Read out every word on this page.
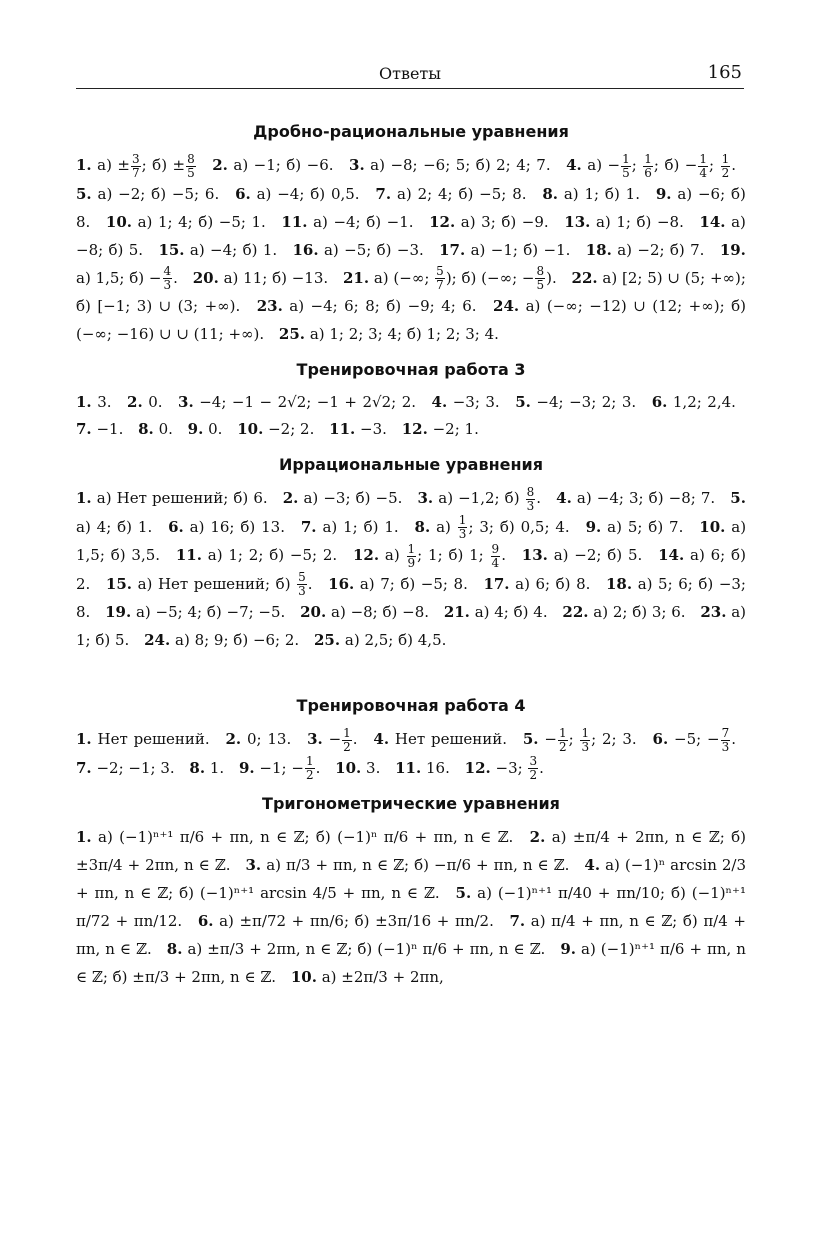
Ответы	165
Дробно-рациональные уравнения

1. $а) \pm \frac{3}{7}$ ; $б) \pm \frac{8}{5} 2$. а) −1; б) −6. 3. а) −8; −6; 5; б) 2; 4; 7. 4. $а) - \frac{1}{5}$ ; $\frac{1}{6}$ ; $б) - \frac{1}{4}$ ; $\frac{1}{2}$ . 5. а) −2; б) −5; 6. 6. а) −4; б) 0,5. 7. а) 2; 4; б) −5; 8. 8. а) 1; б) 1. 9. а) −6; б) 8. 10. а) 1; 4; б) −5; 1. 11. а) −4; б) −1. 12. а) 3; б) −9. 13. а) 1; б) −8. 14. а) −8; б) 5. 15. а) −4; б) 1. 16. а) −5; б) −3. 17. а) −1; б) −1. 18. а) −2; б) 7. 19. а) 1,5; $б) - \frac{4}{3}$ . 20. а) 11; б) −13. 21. а) (−∞; $\frac{5}{7}$ ); б) (−∞; − $\frac{8}{5}$ ). 22. а) [2; 5) ∪ (5; +∞); б) [−1; 3) ∪ (3; +∞). 23. а) −4; 6; 8; б) −9; 4; 6. 24. а) (−∞; −12) ∪ (12; +∞); б) (−∞; −16) ∪ ∪ (11; +∞). 25. а) 1; 2; 3; 4; б) 1; 2; 3; 4.

Тренировочная работа 3

1. 3. 2. 0. 3. −4; −1 − 2√2; −1 + 2√2; 2. 4. −3; 3. 5. −4; −3; 2; 3. 6. 1,2; 2,4. 7. −1. 8. 0. 9. 0. 10. −2; 2. 11. −3. 12. −2; 1.

Иррациональные уравнения

1. а) Нет решений; б) 6. 2. а) −3; б) −5. 3. а) −1,2; $б) \frac{8}{3}$ . 4. а) −4; 3; б) −8; 7. 5. а) 4; б) 1. 6. а) 16; б) 13. 7. а) 1; б) 1. 8. $а) \frac{1}{3}$ ; 3; б) 0,5; 4. 9. а) 5; б) 7. 10. а) 1,5; б) 3,5. 11. а) 1; 2; б) −5; 2. 12. $а) \frac{1}{9}$ ; 1; б) 1; $\frac{9}{4}$ . 13. а) −2; б) 5. 14. а) 6; б) 2. 15. а) Нет решений; $б) \frac{5}{3}$ . 16. а) 7; б) −5; 8. 17. а) 6; б) 8. 18. а) 5; 6; б) −3; 8. 19. а) −5; 4; б) −7; −5. 20. а) −8; б) −8. 21. а) 4; б) 4. 22. а) 2; б) 3; 6. 23. а) 1; б) 5. 24. а) 8; 9; б) −6; 2. 25. а) 2,5; б) 4,5.

Тренировочная работа 4

1. Нет решений. 2. 0; 13. 3. − $\frac{1}{2}$ . 4. Нет решений. 5. − $\frac{1}{2}$ ; $\frac{1}{3}$ ; 2; 3. 6. −5; − $\frac{7}{3}$ . 7. −2; −1; 3. 8. 1. 9. −1; − $\frac{1}{2}$ . 10. 3. 11. 16. 12. −3; $\frac{3}{2}$ .

Тригонометрические уравнения

1. а) (−1)ⁿ⁺¹ π/6 + πn, n ∈ ℤ; б) (−1)ⁿ π/6 + πn, n ∈ ℤ. 2. а) ±π/4 + 2πn, n ∈ ℤ; б) ±3π/4 + 2πn, n ∈ ℤ. 3. а) π/3 + πn, n ∈ ℤ; б) −π/6 + πn, n ∈ ℤ. 4. а) (−1)ⁿ arcsin 2/3 + πn, n ∈ ℤ; б) (−1)ⁿ⁺¹ arcsin 4/5 + πn, n ∈ ℤ. 5. а) (−1)ⁿ⁺¹ π/40 + πn/10; б) (−1)ⁿ⁺¹ π/72 + πn/12. 6. а) ±π/72 + πn/6; б) ±3π/16 + πn/2. 7. а) π/4 + πn, n ∈ ℤ; б) π/4 + πn, n ∈ ℤ. 8. а) ±π/3 + 2πn, n ∈ ℤ; б) (−1)ⁿ π/6 + πn, n ∈ ℤ. 9. а) (−1)ⁿ⁺¹ π/6 + πn, n ∈ ℤ; б) ±π/3 + 2πn, n ∈ ℤ. 10. а) ±2π/3 + 2πn,
